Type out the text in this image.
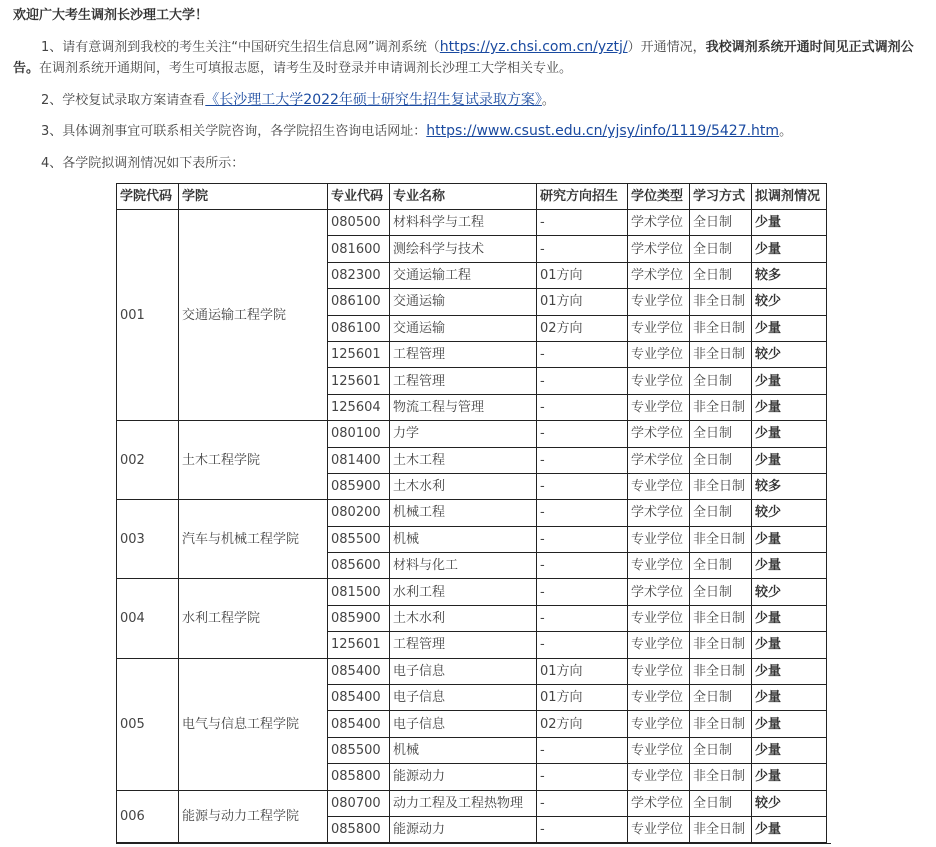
欢迎广大考生调剂长沙理工大学！
1、请有意调剂到我校的考生关注“中国研究生招生信息网”调剂系统（https://yz.chsi.com.cn/yztj/）开通情况，我校调剂系统开通时间见正式调剂公告。在调剂系统开通期间，考生可填报志愿，请考生及时登录并申请调剂长沙理工大学相关专业。
2、学校复试录取方案请查看《长沙理工大学2022年硕士研究生招生复试录取方案》。
3、具体调剂事宜可联系相关学院咨询，各学院招生咨询电话网址：https://www.csust.edu.cn/yjsy/info/1119/5427.htm。
4、各学院拟调剂情况如下表所示：
学院代码	学院	专业代码	专业名称	研究方向招生	学位类型	学习方式	拟调剂情况
001	交通运输工程学院	080500	材料科学与工程	-	学术学位	全日制	少量
		081600	测绘科学与技术	-	学术学位	全日制	少量
		082300	交通运输工程	01方向	学术学位	全日制	较多
		086100	交通运输	01方向	专业学位	非全日制	较少
		086100	交通运输	02方向	专业学位	非全日制	少量
		125601	工程管理	-	专业学位	非全日制	较少
		125601	工程管理	-	专业学位	全日制	少量
		125604	物流工程与管理	-	专业学位	非全日制	少量
002	土木工程学院	080100	力学	-	学术学位	全日制	少量
		081400	土木工程	-	学术学位	全日制	少量
		085900	土木水利	-	专业学位	非全日制	较多
003	汽车与机械工程学院	080200	机械工程	-	学术学位	全日制	较少
		085500	机械	-	专业学位	非全日制	少量
		085600	材料与化工	-	专业学位	全日制	少量
004	水利工程学院	081500	水利工程	-	学术学位	全日制	较少
		085900	土木水利	-	专业学位	非全日制	少量
		125601	工程管理	-	专业学位	非全日制	少量
005	电气与信息工程学院	085400	电子信息	01方向	专业学位	非全日制	少量
		085400	电子信息	01方向	专业学位	全日制	少量
		085400	电子信息	02方向	专业学位	非全日制	少量
		085500	机械	-	专业学位	全日制	少量
		085800	能源动力	-	专业学位	非全日制	少量
006	能源与动力工程学院	080700	动力工程及工程热物理	-	学术学位	全日制	较少
		085800	能源动力	-	专业学位	非全日制	少量
